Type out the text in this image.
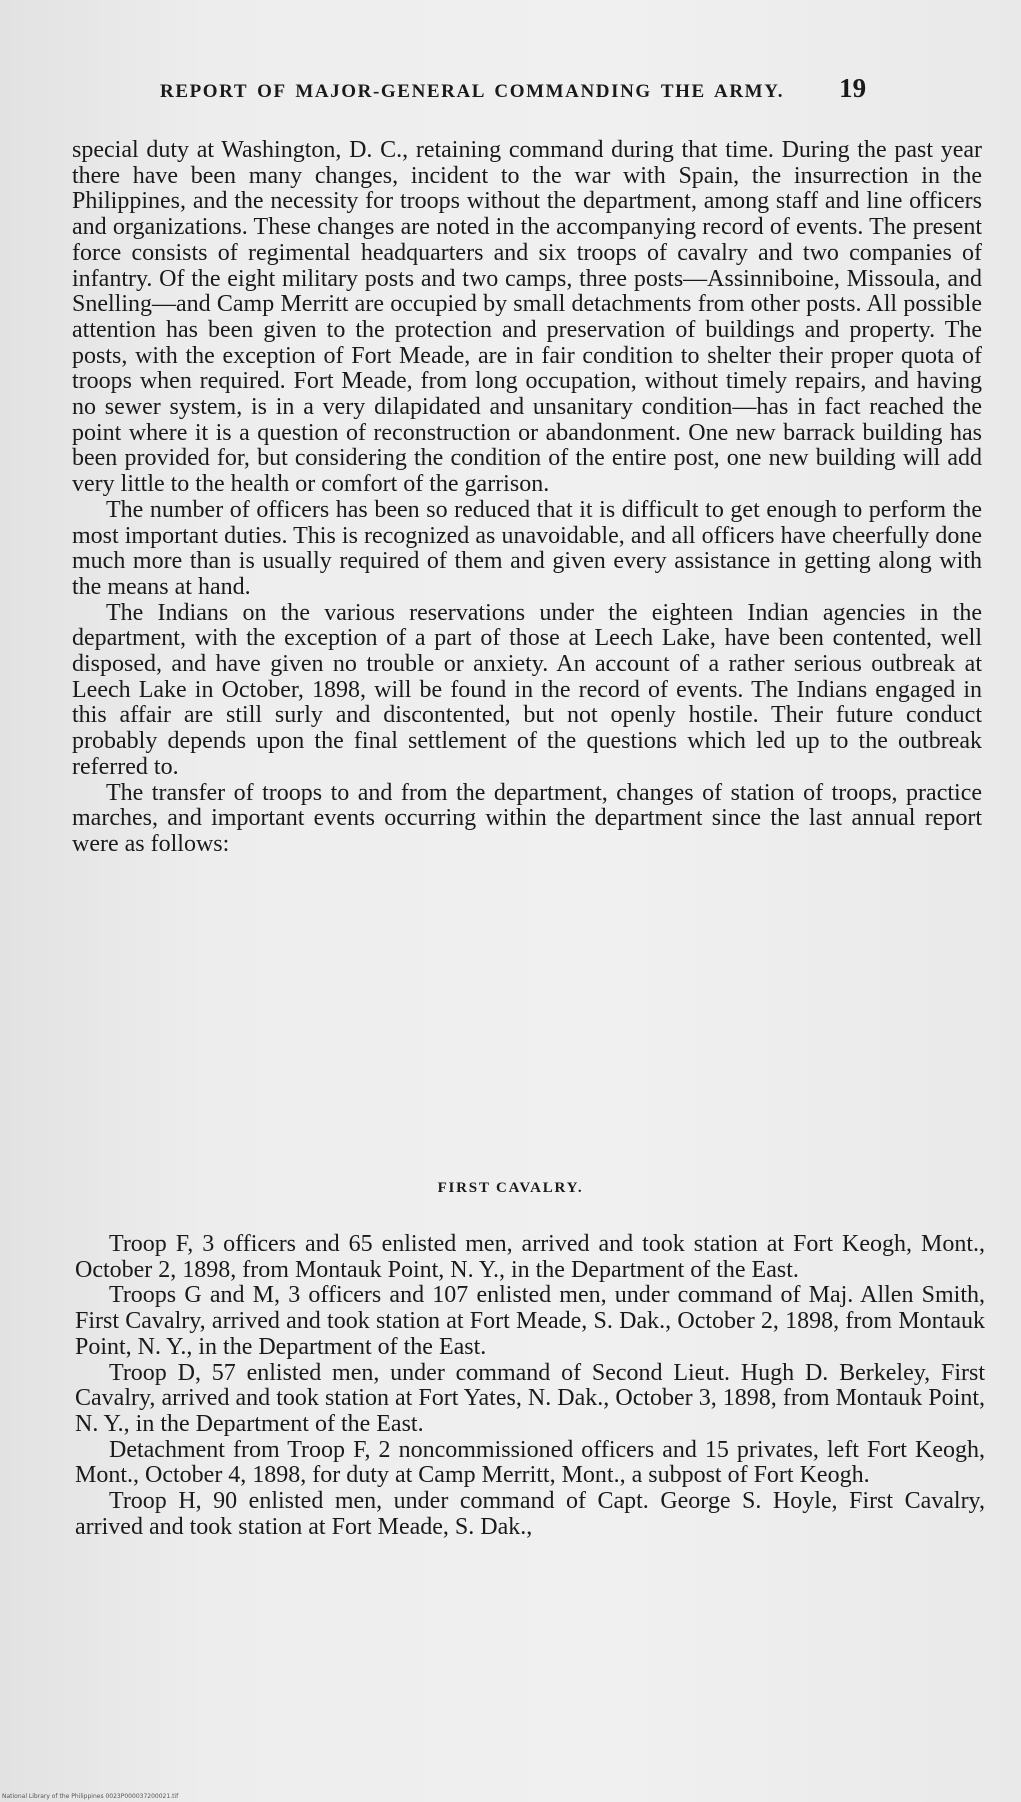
REPORT OF MAJOR-GENERAL COMMANDING THE ARMY. 19

special duty at Washington, D. C., retaining command during that time. During the past year there have been many changes, incident to the war with Spain, the insurrection in the Philippines, and the necessity for troops without the department, among staff and line officers and organizations. These changes are noted in the accompanying record of events. The present force consists of regimental headquarters and six troops of cavalry and two companies of infantry. Of the eight military posts and two camps, three posts—Assinniboine, Missoula, and Snelling—and Camp Merritt are occupied by small detachments from other posts. All possible attention has been given to the protection and preservation of buildings and property. The posts, with the exception of Fort Meade, are in fair condition to shelter their proper quota of troops when required. Fort Meade, from long occupation, without timely repairs, and having no sewer system, is in a very dilapidated and unsanitary condition—has in fact reached the point where it is a question of reconstruction or abandonment. One new barrack building has been provided for, but considering the condition of the entire post, one new building will add very little to the health or comfort of the garrison.

The number of officers has been so reduced that it is difficult to get enough to perform the most important duties. This is recognized as unavoidable, and all officers have cheerfully done much more than is usually required of them and given every assistance in getting along with the means at hand.

The Indians on the various reservations under the eighteen Indian agencies in the department, with the exception of a part of those at Leech Lake, have been contented, well disposed, and have given no trouble or anxiety. An account of a rather serious outbreak at Leech Lake in October, 1898, will be found in the record of events. The Indians engaged in this affair are still surly and discontented, but not openly hostile. Their future conduct probably depends upon the final settlement of the questions which led up to the outbreak referred to.

The transfer of troops to and from the department, changes of station of troops, practice marches, and important events occurring within the department since the last annual report were as follows:

FIRST CAVALRY.

Troop F, 3 officers and 65 enlisted men, arrived and took station at Fort Keogh, Mont., October 2, 1898, from Montauk Point, N. Y., in the Department of the East.

Troops G and M, 3 officers and 107 enlisted men, under command of Maj. Allen Smith, First Cavalry, arrived and took station at Fort Meade, S. Dak., October 2, 1898, from Montauk Point, N. Y., in the Department of the East.

Troop D, 57 enlisted men, under command of Second Lieut. Hugh D. Berkeley, First Cavalry, arrived and took station at Fort Yates, N. Dak., October 3, 1898, from Montauk Point, N. Y., in the Department of the East.

Detachment from Troop F, 2 noncommissioned officers and 15 privates, left Fort Keogh, Mont., October 4, 1898, for duty at Camp Merritt, Mont., a subpost of Fort Keogh.

Troop H, 90 enlisted men, under command of Capt. George S. Hoyle, First Cavalry, arrived and took station at Fort Meade, S. Dak.,

National Library of the Philippines 0023P000037200021.tif
